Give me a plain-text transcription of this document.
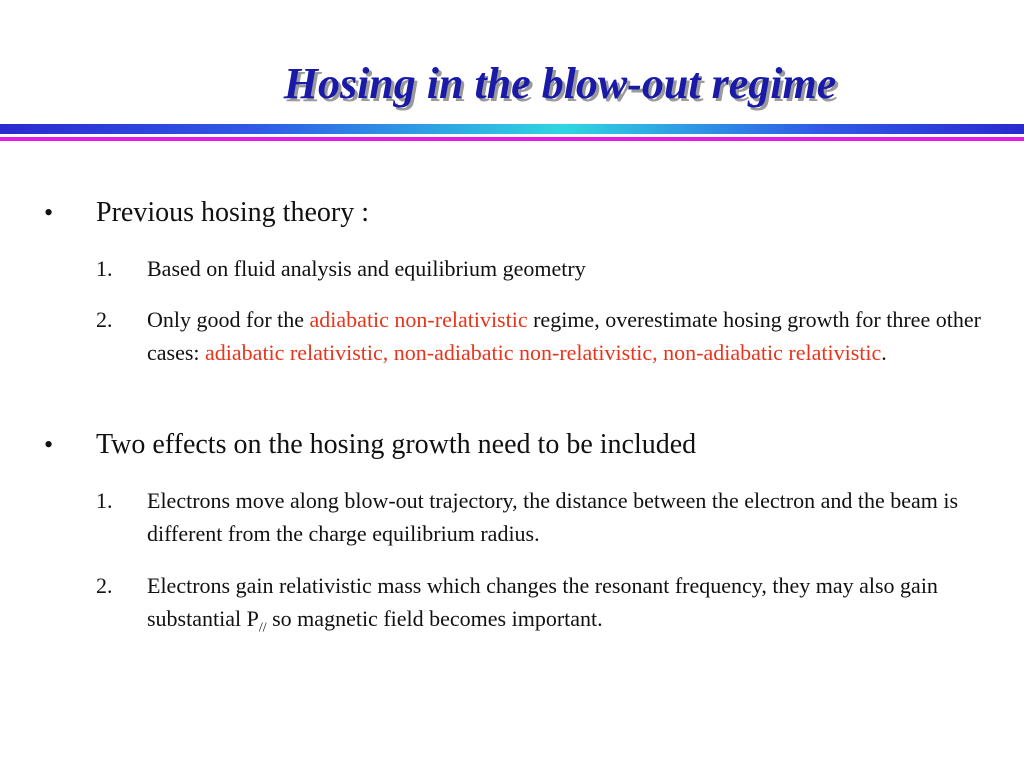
Hosing in the blow-out regime
• Previous hosing theory :
1. Based on fluid analysis and equilibrium geometry
2. Only good for the adiabatic non-relativistic regime, overestimate hosing growth for three other cases: adiabatic relativistic, non-adiabatic non-relativistic, non-adiabatic relativistic.
• Two effects on the hosing growth need to be included
1. Electrons move along blow-out trajectory, the distance between the electron and the beam is different from the charge equilibrium radius.
2. Electrons gain relativistic mass which changes the resonant frequency, they may also gain substantial $P_{//}$ so magnetic field becomes important.
